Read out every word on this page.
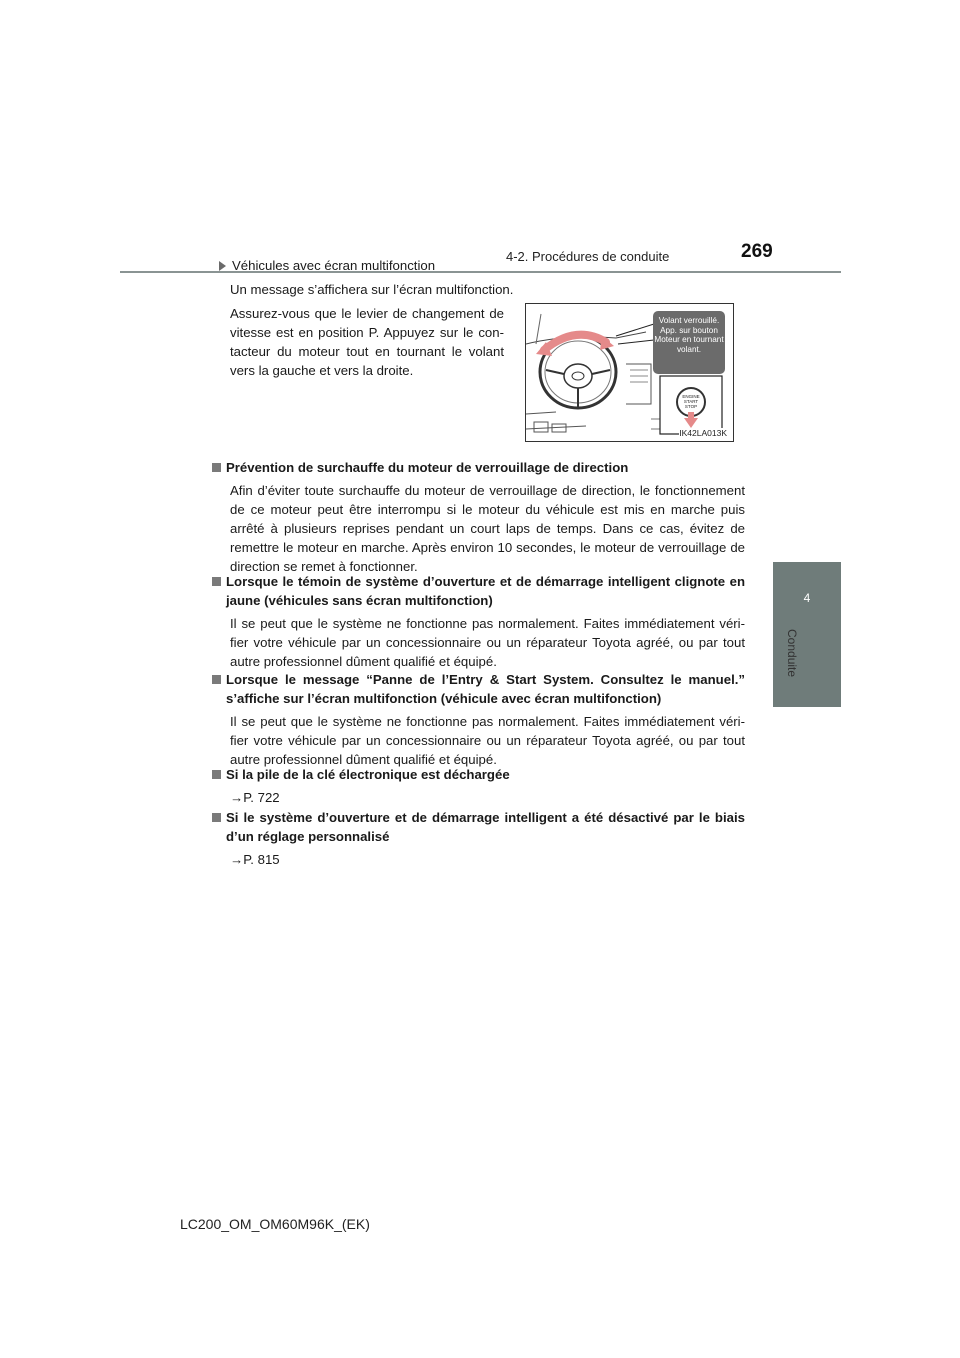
4-2. Procédures de conduite	269
4
Conduite
Véhicules avec écran multifonction
Un message s’affichera sur l’écran multifonction.
Assurez-vous que le levier de changement de vitesse est en position P. Appuyez sur le con-tacteur du moteur tout en tournant le volant vers la gauche et vers la droite.
ENGINE
START
STOP
Volant verrouillé. App. sur bouton Moteur en tournant volant.
IK42LA013K
Prévention de surchauffe du moteur de verrouillage de direction
Afin d’éviter toute surchauffe du moteur de verrouillage de direction, le fonctionnement de ce moteur peut être interrompu si le moteur du véhicule est mis en marche puis arrêté à plusieurs reprises pendant un court laps de temps. Dans ce cas, évitez de remettre le moteur en marche. Après environ 10 secondes, le moteur de verrouillage de direction se remet à fonctionner.
Lorsque le témoin de système d’ouverture et de démarrage intelligent clignote en jaune (véhicules sans écran multifonction)
Il se peut que le système ne fonctionne pas normalement. Faites immédiatement véri-fier votre véhicule par un concessionnaire ou un réparateur Toyota agréé, ou par tout autre professionnel dûment qualifié et équipé.
Lorsque le message “Panne de l’Entry & Start System. Consultez le manuel.” s’affiche sur l’écran multifonction (véhicule avec écran multifonction)
Il se peut que le système ne fonctionne pas normalement. Faites immédiatement véri-fier votre véhicule par un concessionnaire ou un réparateur Toyota agréé, ou par tout autre professionnel dûment qualifié et équipé.
Si la pile de la clé électronique est déchargée
→P. 722
Si le système d’ouverture et de démarrage intelligent a été désactivé par le biais d’un réglage personnalisé
→P. 815
LC200_OM_OM60M96K_(EK)
